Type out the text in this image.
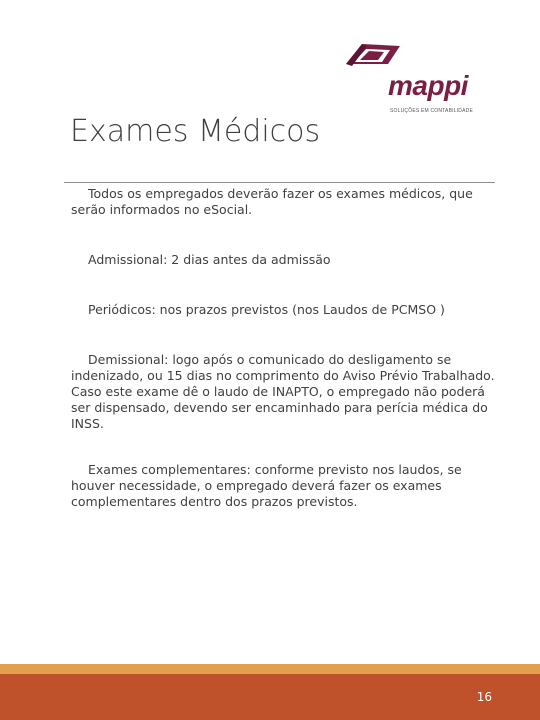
mappi
SOLUÇÕES EM CONTABILIDADE
Exames Médicos

Todos os empregados deverão fazer os exames médicos, que serão informados no eSocial.

Admissional: 2 dias antes da admissão

Periódicos: nos prazos previstos (nos Laudos de PCMSO )

Demissional: logo após o comunicado do desligamento se indenizado, ou 15 dias no comprimento do Aviso Prévio Trabalhado. Caso este exame dê o laudo de INAPTO, o empregado não poderá ser dispensado, devendo ser encaminhado para perícia médica do INSS.

Exames complementares: conforme previsto nos laudos, se houver necessidade, o empregado deverá fazer os exames complementares dentro dos prazos previstos.

16
